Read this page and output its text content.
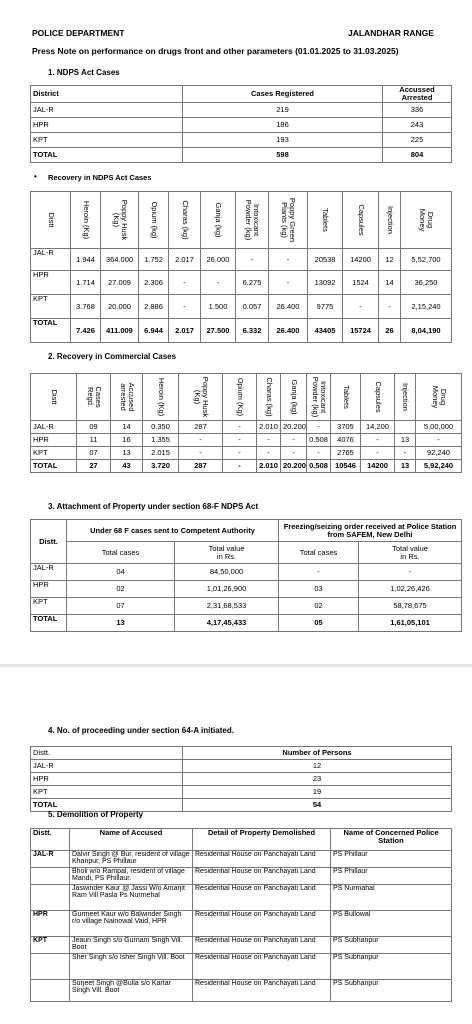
POLICE DEPARTMENT	JALANDHAR RANGE
Press Note on performance on drugs front and other parameters (01.01.2025 to 31.03.2025)
1. NDPS Act Cases
District	Cases Registered	Accussed Arrested
JAL-R	219	336
HPR	186	243
KPT	193	225
TOTAL	598	804
• Recovery in NDPS Act Cases
Distt	Heroin (Kg)	Poppy Husk
(Kg)	Opium (kg)	Charas (kg)	Ganja (kg)	Intoxicant
Powder (kg)	Poppy Green
Plants (kg)	Tablets	Capsules	Injection	Drug
Money

JAL-R	1.944	364.000	1.752	2.017	26.000	-	-	20538	14200	12	5,52,700
HPR	1.714	27.009	2.306	-	-	6.275	-	13092	1524	14	36,250
KPT	3.768	20.000	2.886	-	1.500	0.057	26.400	9775	-	-	2,15,240
TOTAL	7.426	411.009	6.944	2.017	27.500	6.332	26.400	43405	15724	26	8,04,190
2. Recovery in Commercial Cases
Distt	Cases
Regd.	Accused
arrested	Heroin (Kg)	Poppy Husk
(Kg)	Opium (Kg)	Charas (kg)	Ganja (kg)	Intoxicant
Powder (kg)	Tablets	Capsules	Injection	Drug
Money

JAL-R	09	14	0.350	287	-	2.010	20.200	-	3705	14,200		5,00,000
HPR	11	16	1.355	-	-	-	-	0.508	4076	-	13	-
KPT	07	13	2.015	-	-	-	-	-	2765	-	-	92,240
TOTAL	27	43	3.720	287	-	2.010	20.200	0.508	10546	14200	13	5,92,240
3. Attachment of Property under section 68-F NDPS Act
Distt.	Under 68 F cases sent to Competent Authority		Freezing/seizing order received at Police Station from SAFEM, New Delhi	
	Total cases	Total value
in Rs.	Total cases	Total value
in Rs.
JAL-R	04	84,50,000	-	-
HPR	02	1,01,26,900	03	1,02,26,426
KPT	07	2,31,68,533	02	58,78,675
TOTAL	13	4,17,45,433	05	1,61,05,101
4. No. of proceeding under section 64-A initiated.
Distt.	Number of Persons
JAL-R	12
HPR	23
KPT	19
TOTAL	54
5. Demolition of Property
Distt.	Name of Accused	Detail of Property Demolished	Name of Concerned Police Station
JAL-R	Dalvir Singh @ Bur, resident of village Khanpur, PS Phillaur	Residential House on Panchayati Land	PS Phillaur
	Bholi w/o Rampal, resident of village Mandi, PS Phillaur.	Residential House on Panchayati Land	PS Phillaur
	Jaswinder Kaur @ Jassi W/o Amarjit Ram Vill Pasla Ps Nurmehal	Residential House on Panchayati Land	PS Nurmahal
HPR	Gurmeet Kaur w/o Balwinder Singh r/o village Nainowal Vaid, HPR	Residential House on Panchayati Land	PS Bullowal
KPT	Jeaun Singh s/o Gurnam Singh Vill. Boot	Residential House on Panchayati Land	PS Subhanpur
	Sher Singh s/o Isher Singh Vill. Boot	Residential House on Panchayati Land	PS Subhanpur
	Surjeet Singh @Bulla s/o Kartar Singh Vill. Boot	Residential House on Panchayati Land	PS Subhanpur
